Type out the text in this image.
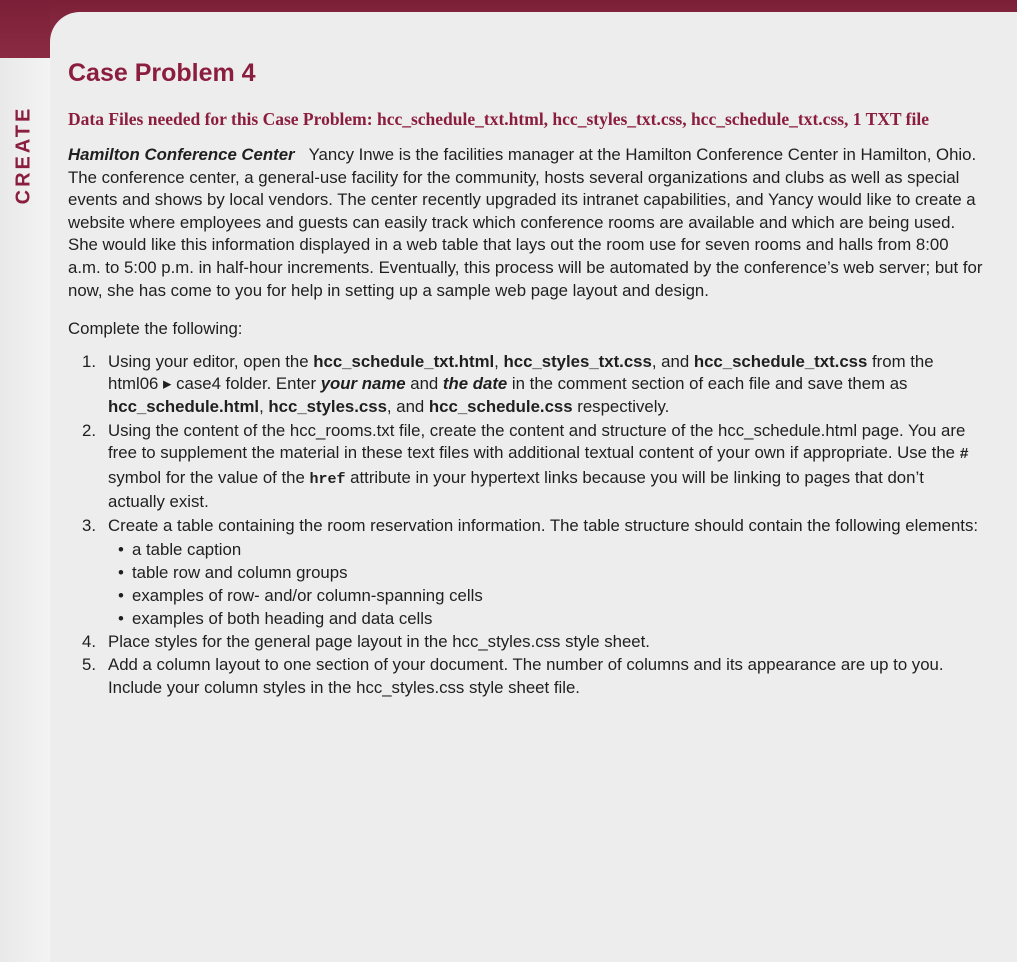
CREATE
Case Problem 4

Data Files needed for this Case Problem: hcc_schedule_txt.html, hcc_styles_txt.css, hcc_schedule_txt.css, 1 TXT file

Hamilton Conference Center Yancy Inwe is the facilities manager at the Hamilton Conference Center in Hamilton, Ohio. The conference center, a general-use facility for the community, hosts several organizations and clubs as well as special events and shows by local vendors. The center recently upgraded its intranet capabilities, and Yancy would like to create a website where employees and guests can easily track which conference rooms are available and which are being used. She would like this information displayed in a web table that lays out the room use for seven rooms and halls from 8:00 a.m. to 5:00 p.m. in half-hour increments. Eventually, this process will be automated by the conference’s web server; but for now, she has come to you for help in setting up a sample web page layout and design.

Complete the following:

1. Using your editor, open the hcc_schedule_txt.html, hcc_styles_txt.css, and hcc_schedule_txt.css from the html06 ▸ case4 folder. Enter your name and the date in the comment section of each file and save them as hcc_schedule.html, hcc_styles.css, and hcc_schedule.css respectively.
2. Using the content of the hcc_rooms.txt file, create the content and structure of the hcc_schedule.html page. You are free to supplement the material in these text files with additional textual content of your own if appropriate. Use the # symbol for the value of the href attribute in your hypertext links because you will be linking to pages that don’t actually exist.
3. Create a table containing the room reservation information. The table structure should contain the following elements:
• a table caption
• table row and column groups
• examples of row- and/or column-spanning cells
• examples of both heading and data cells
4. Place styles for the general page layout in the hcc_styles.css style sheet.
5. Add a column layout to one section of your document. The number of columns and its appearance are up to you. Include your column styles in the hcc_styles.css style sheet file.
